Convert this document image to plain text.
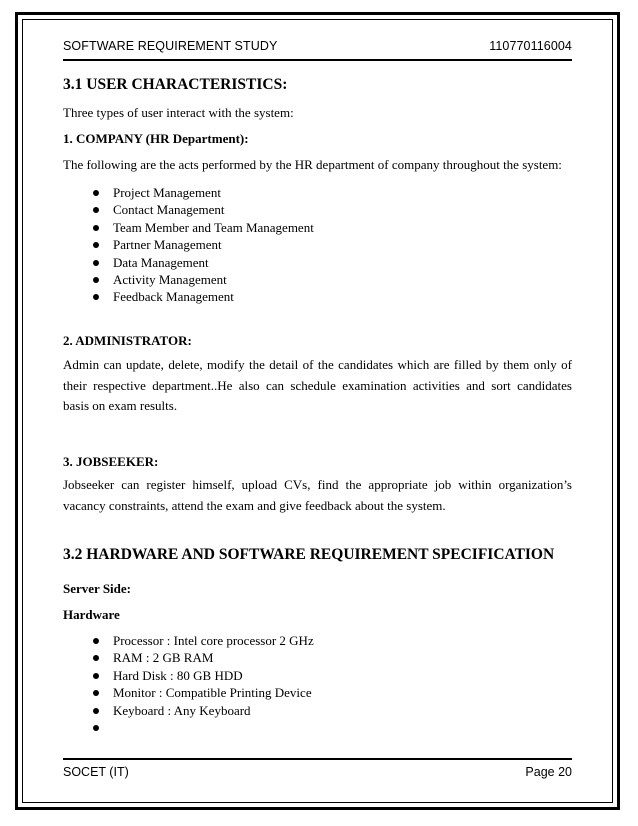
SOFTWARE REQUIREMENT STUDY	110770116004

3.1 USER CHARACTERISTICS:

Three types of user interact with the system:

1. COMPANY (HR Department):

The following are the acts performed by the HR department of company throughout the system:

Project Management
Contact Management
Team Member and Team Management
Partner Management
Data Management
Activity Management
Feedback Management

2. ADMINISTRATOR:

Admin can update, delete, modify the detail of the candidates which are filled by them only of
their respective department..He also can schedule examination activities and sort candidates
basis on exam results.

3. JOBSEEKER:

Jobseeker can register himself, upload CVs, find the appropriate job within organization’s
vacancy constraints, attend the exam and give feedback about the system.

3.2 HARDWARE AND SOFTWARE REQUIREMENT SPECIFICATION

Server Side:

Hardware

Processor : Intel core processor 2 GHz
RAM : 2 GB RAM
Hard Disk : 80 GB HDD
Monitor : Compatible Printing Device
Keyboard : Any Keyboard
SOCET (IT)	Page 20
